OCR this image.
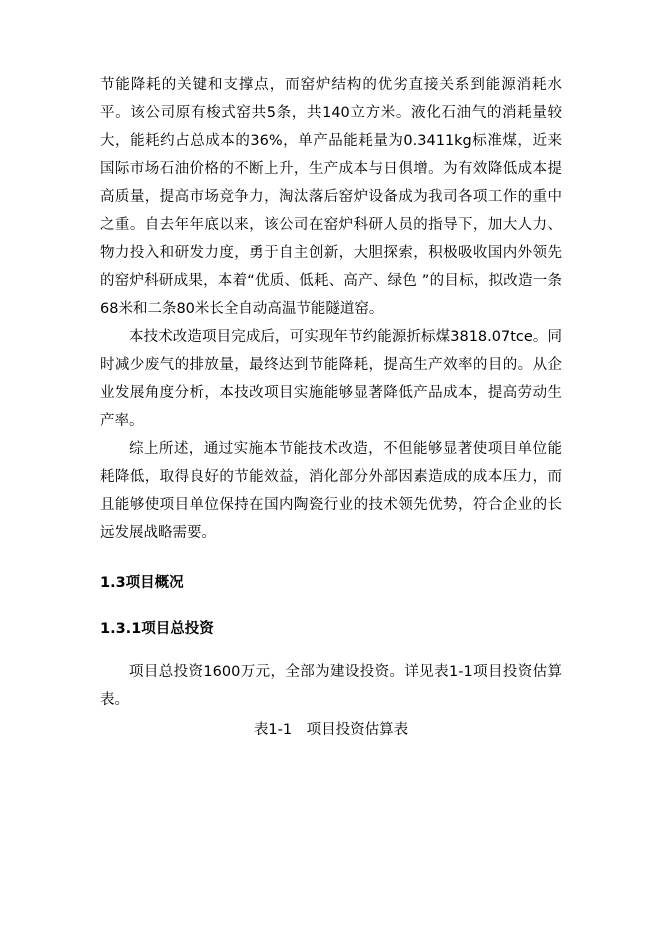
节能降耗的关键和支撑点，而窑炉结构的优劣直接关系到能源消耗水平。该公司原有梭式窑共5条，共140立方米。液化石油气的消耗量较大，能耗约占总成本的36%，单产品能耗量为0.3411kg标准煤，近来国际市场石油价格的不断上升，生产成本与日俱增。为有效降低成本提高质量，提高市场竞争力，淘汰落后窑炉设备成为我司各项工作的重中之重。自去年年底以来，该公司在窑炉科研人员的指导下，加大人力、物力投入和研发力度，勇于自主创新，大胆探索，积极吸收国内外领先的窑炉科研成果，本着“优质、低耗、高产、绿色 ”的目标，拟改造一条68米和二条80米长全自动高温节能隧道窑。

本技术改造项目完成后，可实现年节约能源折标煤3818.07tce。同时减少废气的排放量，最终达到节能降耗，提高生产效率的目的。从企业发展角度分析，本技改项目实施能够显著降低产品成本，提高劳动生产率。

综上所述，通过实施本节能技术改造，不但能够显著使项目单位能耗降低，取得良好的节能效益，消化部分外部因素造成的成本压力，而且能够使项目单位保持在国内陶瓷行业的技术领先优势，符合企业的长远发展战略需要。

1.3项目概况
1.3.1项目总投资

项目总投资1600万元，全部为建设投资。详见表1-1项目投资估算表。

表1-1　项目投资估算表
